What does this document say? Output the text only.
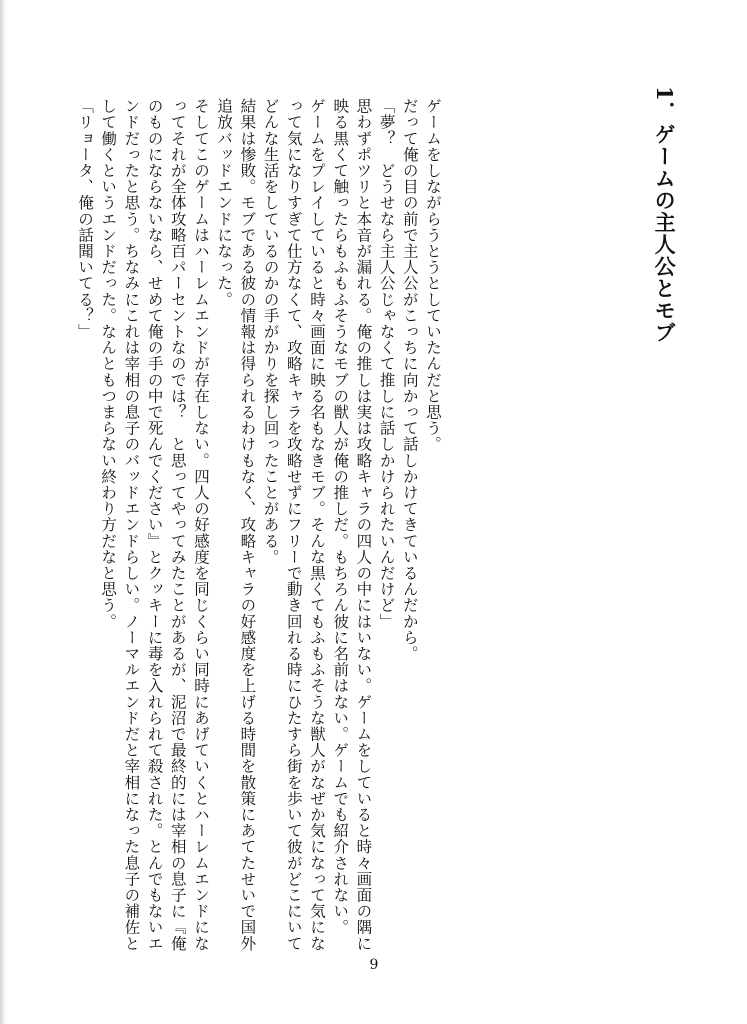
1．ゲームの主人公とモブ

ゲームをしながらうとうとしていたんだと思う。

だって俺の目の前で主人公がこっちに向かって話しかけてきているんだから。

「夢？　どうせなら主人公じゃなくて推しに話しかけられたいんだけど」

思わずポツリと本音が漏れる。俺の推しは実は攻略キャラの四人の中にはいない。ゲームをしていると時々画面の隅に映る黒くて触ったらもふもふそうなモブの獣人が俺の推しだ。もちろん彼に名前はない。ゲームでも紹介されない。

ゲームをプレイしていると時々画面に映る名もなきモブ。そんな黒くてもふもふそうな獣人がなぜか気になって気になって気になりすぎて仕方なくて、攻略キャラを攻略せずにフリーで動き回れる時にひたすら街を歩いて彼がどこにいてどんな生活をしているのかの手がかりを探し回ったことがある。

結果は惨敗。モブである彼の情報は得られるわけもなく、攻略キャラの好感度を上げる時間を散策にあてたせいで国外追放バッドエンドになった。

そしてこのゲームはハーレムエンドが存在しない。四人の好感度を同じくらい同時にあげていくとハーレムエンドになってそれが全体攻略百パーセントなのでは？　と思ってやってみたことがあるが、泥沼で最終的には宰相の息子に『俺のものにならないなら、せめて俺の手の中で死んでください』とクッキーに毒を入れられて殺された。とんでもないエンドだったと思う。ちなみにこれは宰相の息子のバッドエンドらしい。ノーマルエンドだと宰相になった息子の補佐として働くというエンドだった。なんともつまらない終わり方だなと思う。

「リョータ、俺の話聞いてる？」

9
